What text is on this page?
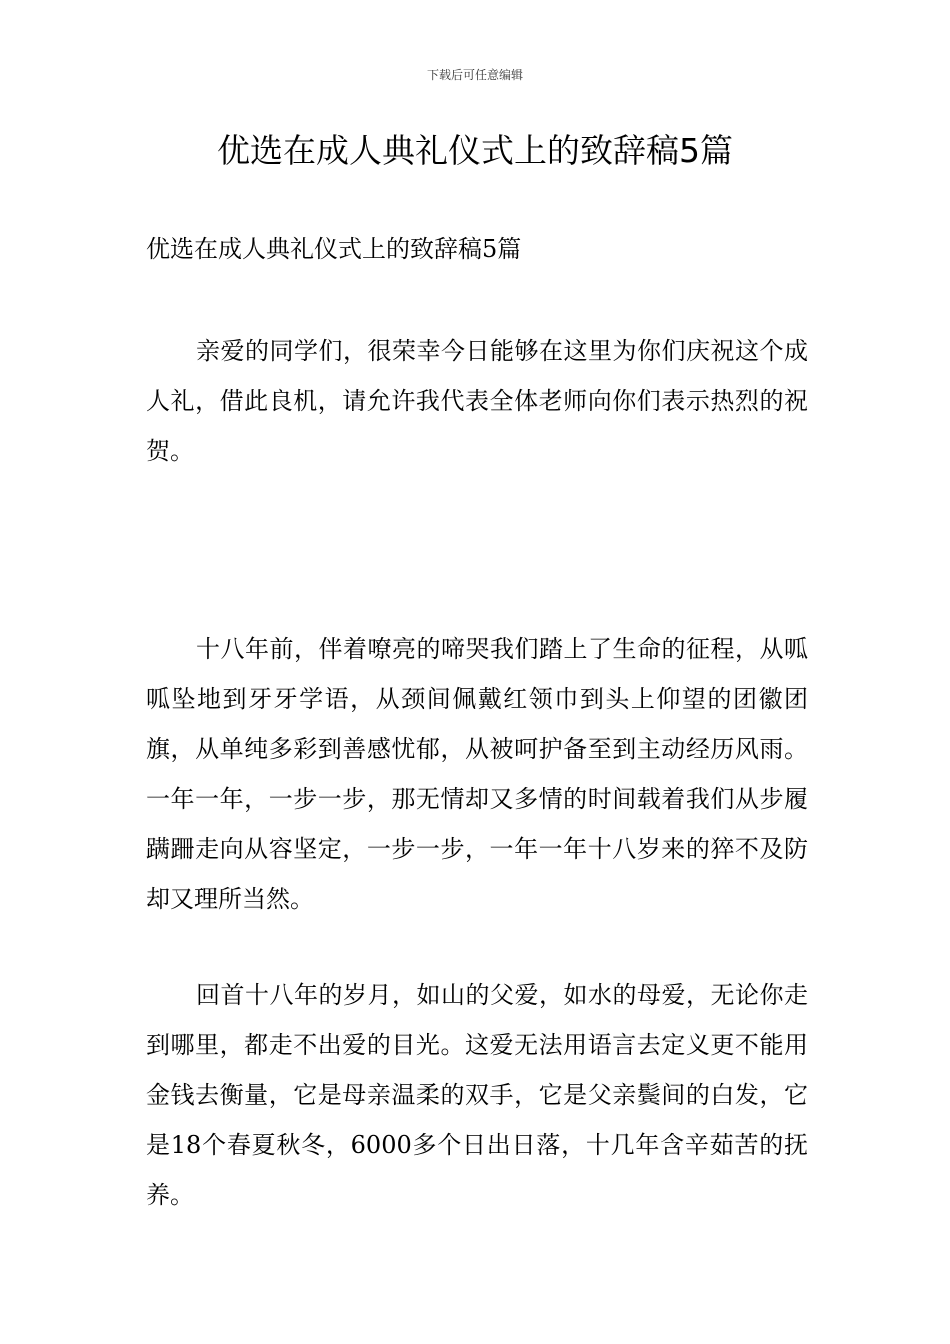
下载后可任意编辑
优选在成人典礼仪式上的致辞稿5篇

优选在成人典礼仪式上的致辞稿5篇

亲爱的同学们，很荣幸今日能够在这里为你们庆祝这个成人礼，借此良机，请允许我代表全体老师向你们表示热烈的祝贺。

十八年前，伴着嘹亮的啼哭我们踏上了生命的征程，从呱呱坠地到牙牙学语，从颈间佩戴红领巾到头上仰望的团徽团旗，从单纯多彩到善感忧郁，从被呵护备至到主动经历风雨。一年一年，一步一步，那无情却又多情的时间载着我们从步履蹒跚走向从容坚定，一步一步，一年一年十八岁来的猝不及防却又理所当然。

回首十八年的岁月，如山的父爱，如水的母爱，无论你走到哪里，都走不出爱的目光。这爱无法用语言去定义更不能用金钱去衡量，它是母亲温柔的双手，它是父亲鬓间的白发，它是18个春夏秋冬，6000多个日出日落，十几年含辛茹苦的抚养。
